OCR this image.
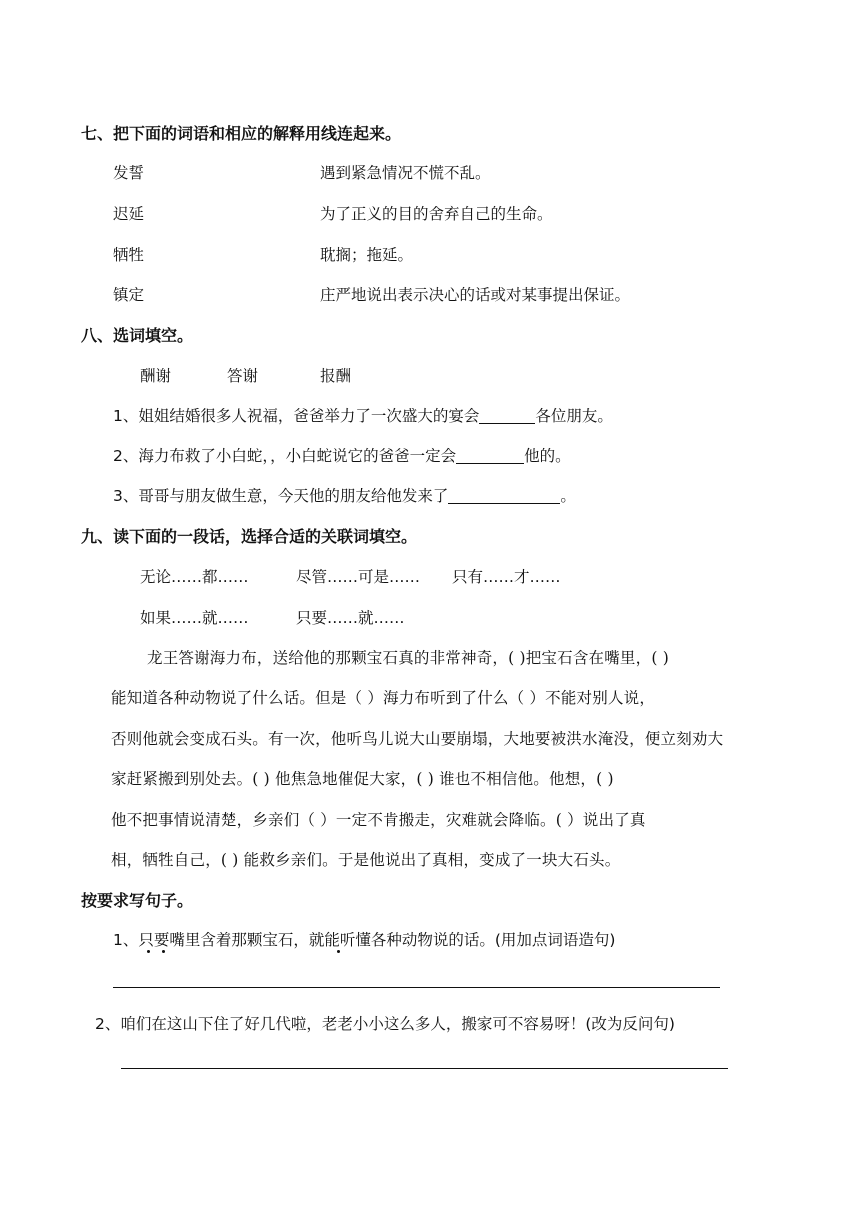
七、把下面的词语和相应的解释用线连起来。
发誓	遇到紧急情况不慌不乱。
迟延	为了正义的目的舍弃自己的生命。
牺牲	耽搁；拖延。
镇定	庄严地说出表示决心的话或对某事提出保证。
八、选词填空。
酬谢	答谢	报酬
1、姐姐结婚很多人祝福，爸爸举力了一次盛大的宴会	各位朋友。
2、海力布救了小白蛇，，小白蛇说它的爸爸一定会	他的。
3、哥哥与朋友做生意，今天他的朋友给他发来了	。
九、读下面的一段话，选择合适的关联词填空。
无论……都……	尽管……可是…… 只有……才……
如果……就……	只要……就……
龙王答谢海力布，送给他的那颗宝石真的非常神奇，( )把宝石含在嘴里，( )
能知道各种动物说了什么话。但是（ ）海力布听到了什么（ ）不能对别人说，
否则他就会变成石头。有一次，他听鸟儿说大山要崩塌，大地要被洪水淹没，便立刻劝大
家赶紧搬到别处去。( ) 他焦急地催促大家，( ) 谁也不相信他。他想，( )
他不把事情说清楚，乡亲们（ ）一定不肯搬走，灾难就会降临。( ）说出了真
相，牺牲自己，( ) 能救乡亲们。于是他说出了真相，变成了一块大石头。
按要求写句子。
1、只要嘴里含着那颗宝石，就能听懂各种动物说的话。(用加点词语造句)
2、咱们在这山下住了好几代啦，老老小小这么多人，搬家可不容易呀！(改为反问句)
